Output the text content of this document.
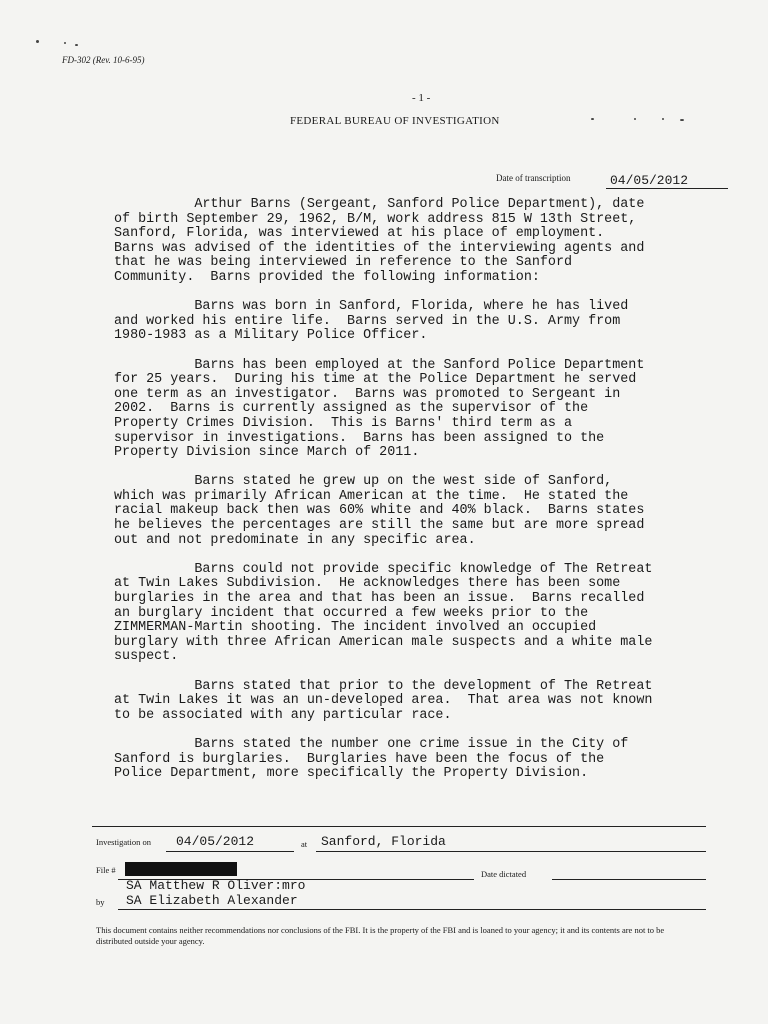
FD-302 (Rev. 10-6-95)
- 1 -
FEDERAL BUREAU OF INVESTIGATION
Date of transcription	04/05/2012

Arthur Barns (Sergeant, Sanford Police Department), date
of birth September 29, 1962, B/M, work address 815 W 13th Street,
Sanford, Florida, was interviewed at his place of employment.
Barns was advised of the identities of the interviewing agents and
that he was being interviewed in reference to the Sanford
Community.  Barns provided the following information:

Barns was born in Sanford, Florida, where he has lived
and worked his entire life.  Barns served in the U.S. Army from
1980-1983 as a Military Police Officer.

Barns has been employed at the Sanford Police Department
for 25 years.  During his time at the Police Department he served
one term as an investigator.  Barns was promoted to Sergeant in
2002.  Barns is currently assigned as the supervisor of the
Property Crimes Division.  This is Barns' third term as a
supervisor in investigations.  Barns has been assigned to the
Property Division since March of 2011.

Barns stated he grew up on the west side of Sanford,
which was primarily African American at the time.  He stated the
racial makeup back then was 60% white and 40% black.  Barns states
he believes the percentages are still the same but are more spread
out and not predominate in any specific area.

Barns could not provide specific knowledge of The Retreat
at Twin Lakes Subdivision.  He acknowledges there has been some
burglaries in the area and that has been an issue.  Barns recalled
an burglary incident that occurred a few weeks prior to the
ZIMMERMAN-Martin shooting. The incident involved an occupied
burglary with three African American male suspects and a white male
suspect.

Barns stated that prior to the development of The Retreat
at Twin Lakes it was an un-developed area.  That area was not known
to be associated with any particular race.

Barns stated the number one crime issue in the City of
Sanford is burglaries.  Burglaries have been the focus of the
Police Department, more specifically the Property Division.

Investigation on 04/05/2012	at Sanford, Florida
File #	Date dictated
SA Matthew R Oliver:mro
by SA Elizabeth Alexander
This document contains neither recommendations nor conclusions of the FBI. It is the property of the FBI and is loaned to your agency; it and its contents are not to be distributed outside your agency.
